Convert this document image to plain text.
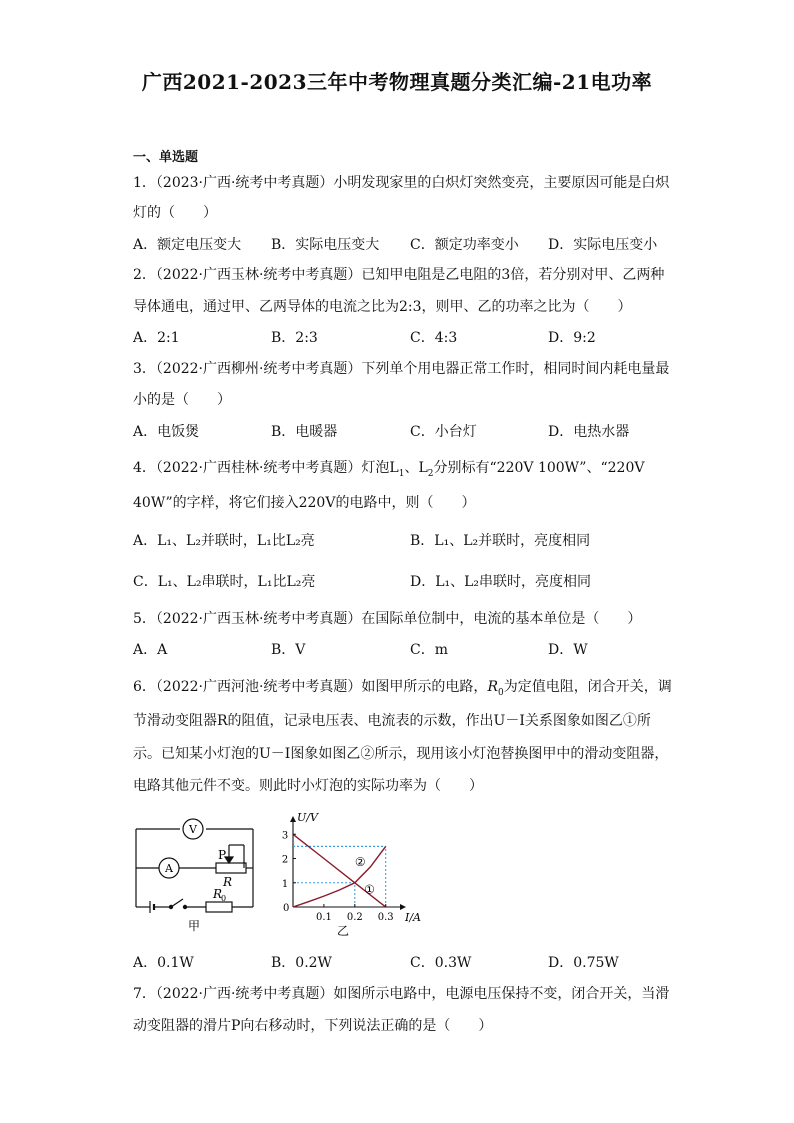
广西2021-2023三年中考物理真题分类汇编-21电功率
一、单选题
1．（2023·广西·统考中考真题）小明发现家里的白炽灯突然变亮，主要原因可能是白炽
灯的（　　）
A．额定电压变大 B．实际电压变大 C．额定功率变小 D．实际电压变小
2．（2022·广西玉林·统考中考真题）已知甲电阻是乙电阻的3倍，若分别对甲、乙两种
导体通电，通过甲、乙两导体的电流之比为2:3，则甲、乙的功率之比为（　　）
A．2:1	B．2:3	C．4:3	D．9:2
3．（2022·广西柳州·统考中考真题）下列单个用电器正常工作时，相同时间内耗电量最
小的是（　　）
A．电饭煲	B．电暖器	C．小台灯	D．电热水器
4．（2022·广西桂林·统考中考真题）灯泡$L_1$、$L_2$分别标有“220V 100W”、“220V
40W”的字样，将它们接入220V的电路中，则（　　）
A．L₁、L₂并联时，L₁比L₂亮	B．L₁、L₂并联时，亮度相同
C．L₁、L₂串联时，L₁比L₂亮	D．L₁、L₂串联时，亮度相同
5．（2022·广西玉林·统考中考真题）在国际单位制中，电流的基本单位是（　　）
A．A	B．V	C．m	D．W
6．（2022·广西河池·统考中考真题）如图甲所示的电路，$R_0$为定值电阻，闭合开关，调
节滑动变阻器R的阻值，记录电压表、电流表的示数，作出U－I关系图象如图乙①所
示。已知某小灯泡的U－I图象如图乙②所示，现用该小灯泡替换图甲中的滑动变阻器，
电路其他元件不变。则此时小灯泡的实际功率为（　　）
V
A
P
R
R
0
甲
①
②
0.1 0.2 0.3
1
2
3
U/V
I/A
0
乙
A．0.1W	B．0.2W	C．0.3W	D．0.75W
7．（2022·广西·统考中考真题）如图所示电路中，电源电压保持不变，闭合开关，当滑
动变阻器的滑片P向右移动时，下列说法正确的是（　　）
